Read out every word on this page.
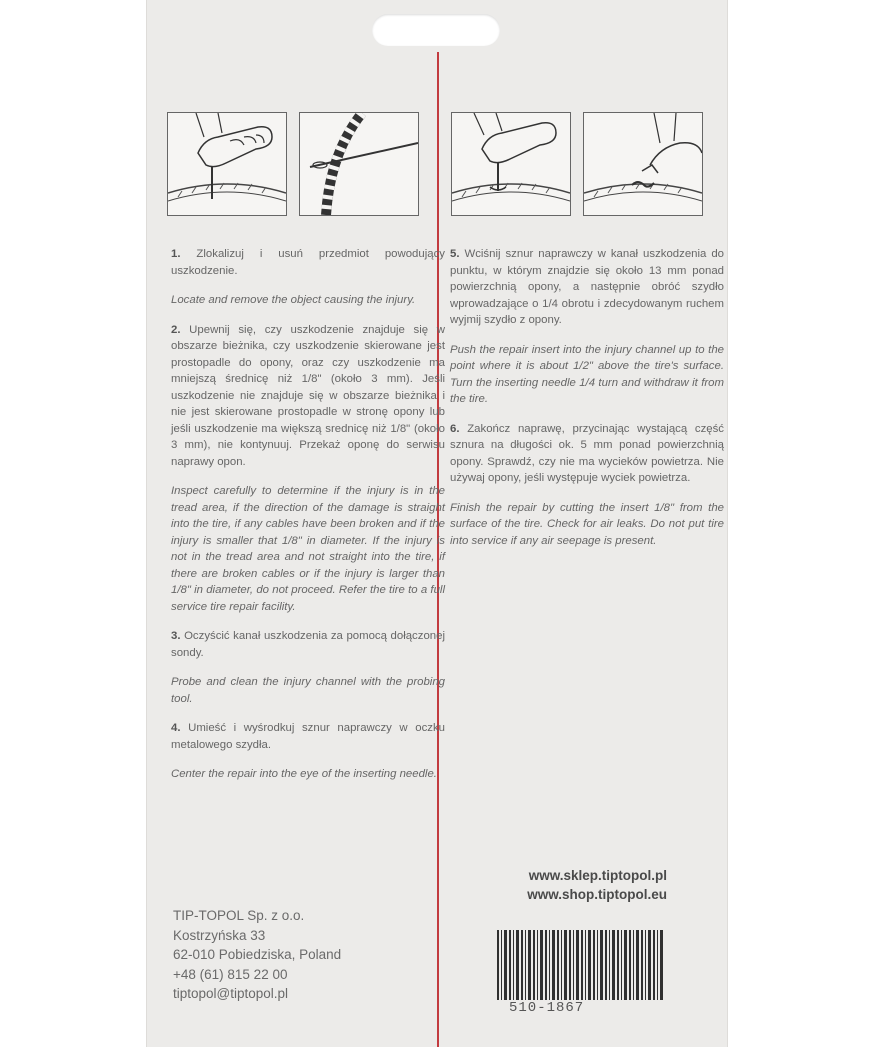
1. Zlokalizuj i usuń przedmiot powodujący uszkodzenie.

Locate and remove the object causing the injury.

2. Upewnij się, czy uszkodzenie znajduje się w obszarze bieżnika, czy uszkodzenie skierowane jest prostopadle do opony, oraz czy uszkodzenie ma mniejszą średnicę niż 1/8" (około 3 mm). Jeśli uszkodzenie nie znajduje się w obszarze bieżnika i nie jest skierowane prostopadle w stronę opony lub jeśli uszkodzenie ma większą srednicę niż 1/8" (około 3 mm), nie kontynuuj. Przekaż oponę do serwisu naprawy opon.

Inspect carefully to determine if the injury is in the tread area, if the direction of the damage is straight into the tire, if any cables have been broken and if the injury is smaller that 1/8" in diameter. If the injury is not in the tread area and not straight into the tire, if there are broken cables or if the injury is larger than 1/8" in diameter, do not proceed. Refer the tire to a full service tire repair facility.

3. Oczyścić kanał uszkodzenia za pomocą dołączonej sondy.

Probe and clean the injury channel with the probing tool.

4. Umieść i wyśrodkuj sznur naprawczy w oczku metalowego szydła.

Center the repair into the eye of the inserting needle.

5. Wciśnij sznur naprawczy w kanał uszkodzenia do punktu, w którym znajdzie się około 13 mm ponad powierzchnią opony, a następnie obróć szydło wprowadzające o 1/4 obrotu i zdecydowanym ruchem wyjmij szydło z opony.

Push the repair insert into the injury channel up to the point where it is about 1/2" above the tire's surface. Turn the inserting needle 1/4 turn and withdraw it from the tire.

6. Zakończ naprawę, przycinając wystającą część sznura na długości ok. 5 mm ponad powierzchnią opony. Sprawdź, czy nie ma wycieków powietrza. Nie używaj opony, jeśli występuje wyciek powietrza.

Finish the repair by cutting the insert 1/8" from the surface of the tire. Check for air leaks. Do not put tire into service if any air seepage is present.

www.sklep.tiptopol.pl
www.shop.tiptopol.eu
TIP-TOPOL Sp. z o.o.
Kostrzyńska 33
62-010 Pobiedziska, Poland
+48 (61) 815 22 00
tiptopol@tiptopol.pl
510-1867
